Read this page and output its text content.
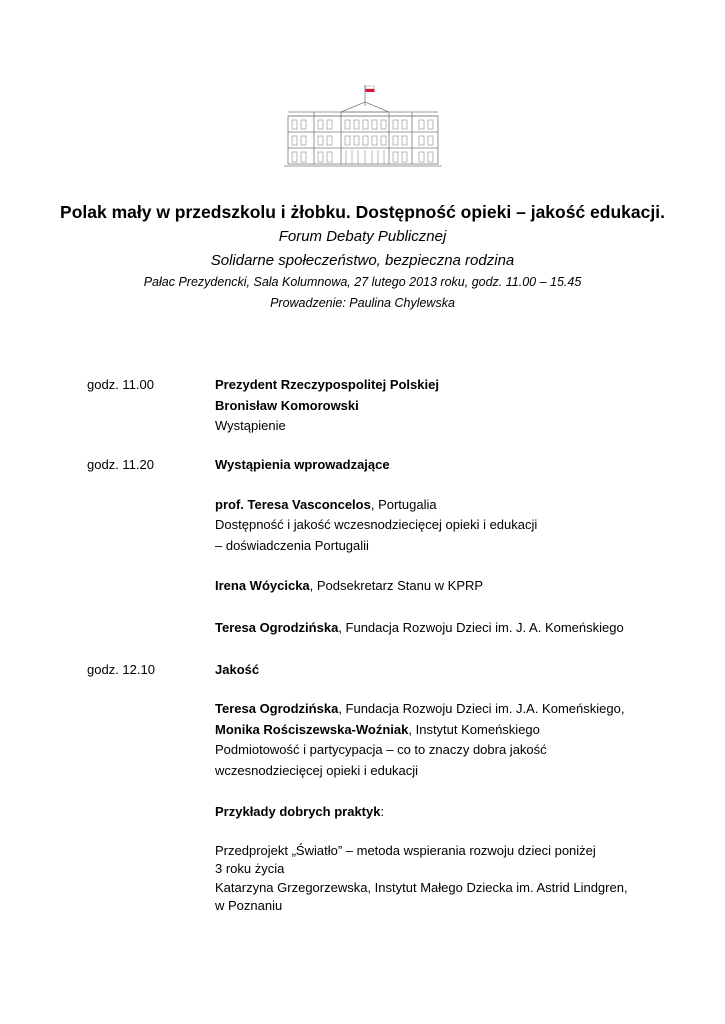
Polak mały w przedszkolu i żłobku. Dostępność opieki – jakość edukacji.
Forum Debaty Publicznej
Solidarne społeczeństwo, bezpieczna rodzina
Pałac Prezydencki, Sala Kolumnowa, 27 lutego 2013 roku, godz. 11.00 – 15.45
Prowadzenie: Paulina Chylewska
godz. 11.00	Prezydent Rzeczypospolitej Polskiej
Bronisław Komorowski
Wystąpienie
godz. 11.20	Wystąpienia wprowadzające
prof. Teresa Vasconcelos, Portugalia
Dostępność i jakość wczesnodziecięcej opieki i edukacji
– doświadczenia Portugalii
Irena Wóycicka, Podsekretarz Stanu w KPRP
Teresa Ogrodzińska, Fundacja Rozwoju Dzieci im. J. A. Komeńskiego
godz. 12.10	Jakość
Teresa Ogrodzińska, Fundacja Rozwoju Dzieci im. J.A. Komeńskiego,
Monika Rościszewska-Woźniak, Instytut Komeńskiego
Podmiotowość i partycypacja – co to znaczy dobra jakość
wczesnodziecięcej opieki i edukacji
Przykłady dobrych praktyk:
Przedprojekt „Światło” – metoda wspierania rozwoju dzieci poniżej
3 roku życia
Katarzyna Grzegorzewska, Instytut Małego Dziecka im. Astrid Lindgren,
w Poznaniu
